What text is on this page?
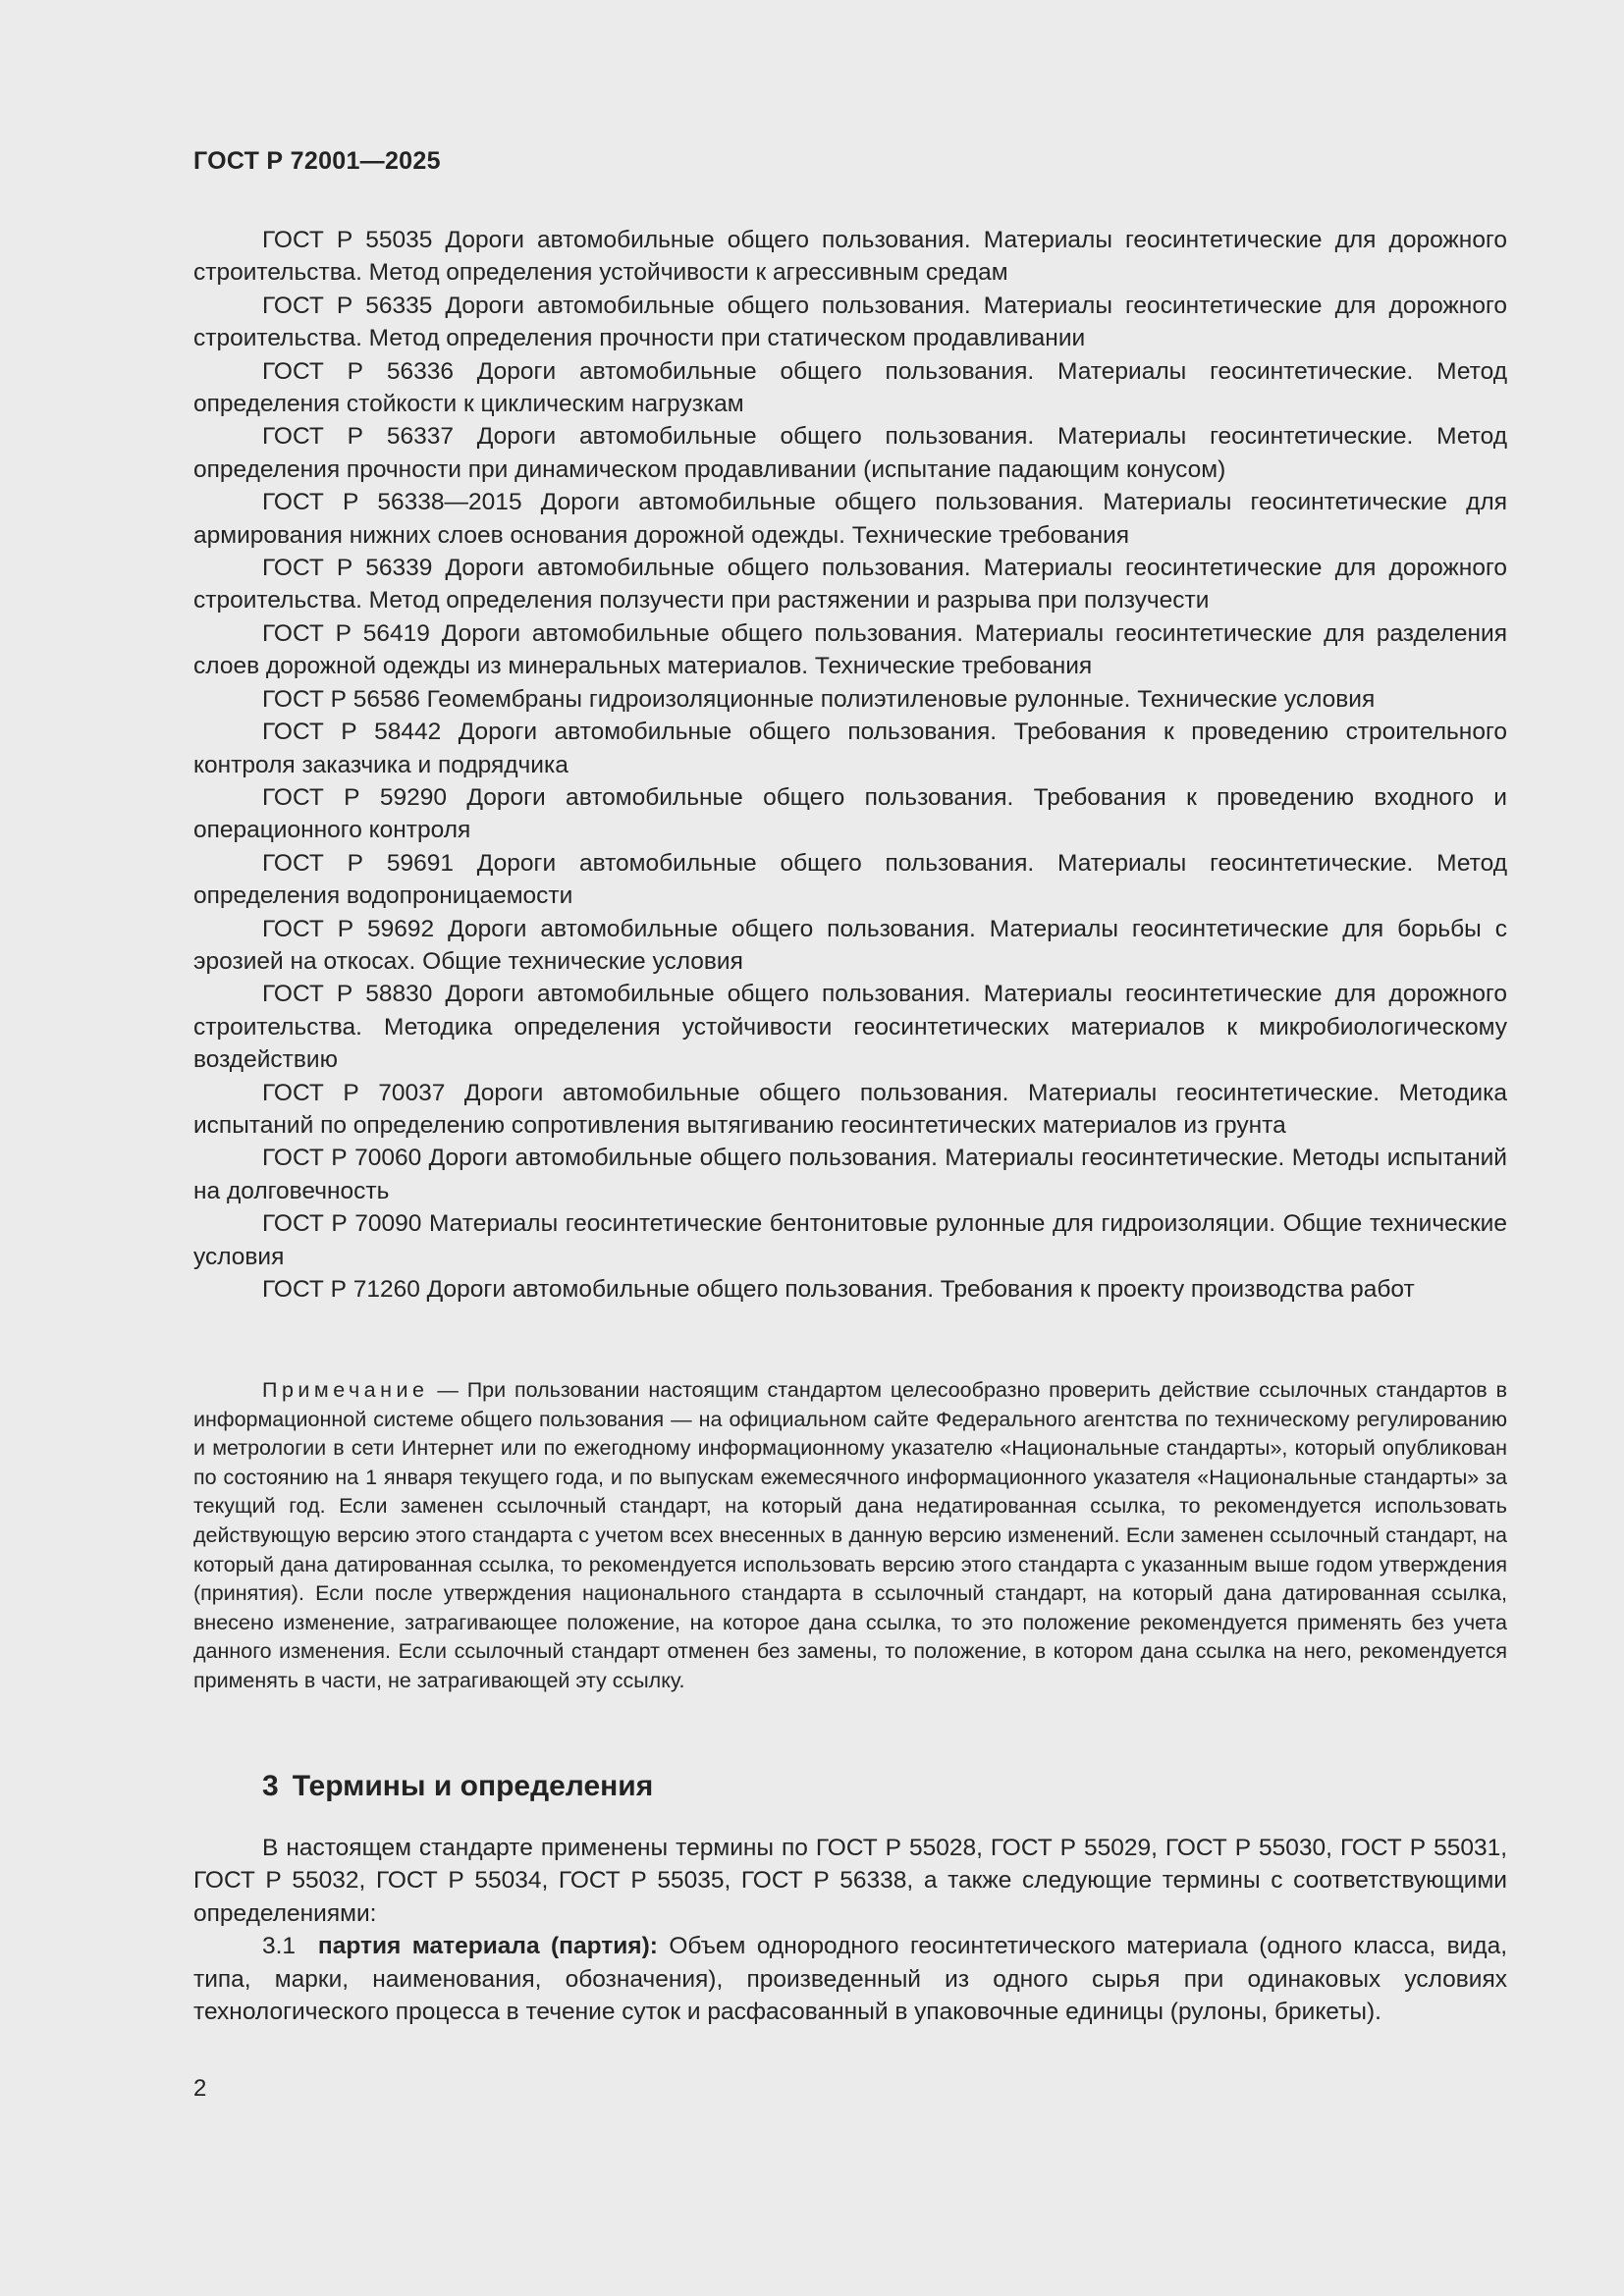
ГОСТ Р 72001—2025

ГОСТ Р 55035 Дороги автомобильные общего пользования. Материалы геосинтетические для дорожного строительства. Метод определения устойчивости к агрессивным средам

ГОСТ Р 56335 Дороги автомобильные общего пользования. Материалы геосинтетические для дорожного строительства. Метод определения прочности при статическом продавливании

ГОСТ Р 56336 Дороги автомобильные общего пользования. Материалы геосинтетические. Метод определения стойкости к циклическим нагрузкам

ГОСТ Р 56337 Дороги автомобильные общего пользования. Материалы геосинтетические. Метод определения прочности при динамическом продавливании (испытание падающим конусом)

ГОСТ Р 56338—2015 Дороги автомобильные общего пользования. Материалы геосинтетические для армирования нижних слоев основания дорожной одежды. Технические требования

ГОСТ Р 56339 Дороги автомобильные общего пользования. Материалы геосинтетические для дорожного строительства. Метод определения ползучести при растяжении и разрыва при ползучести

ГОСТ Р 56419 Дороги автомобильные общего пользования. Материалы геосинтетические для разделения слоев дорожной одежды из минеральных материалов. Технические требования

ГОСТ Р 56586 Геомембраны гидроизоляционные полиэтиленовые рулонные. Технические условия

ГОСТ Р 58442 Дороги автомобильные общего пользования. Требования к проведению строительного контроля заказчика и подрядчика

ГОСТ Р 59290 Дороги автомобильные общего пользования. Требования к проведению входного и операционного контроля

ГОСТ Р 59691 Дороги автомобильные общего пользования. Материалы геосинтетические. Метод определения водопроницаемости

ГОСТ Р 59692 Дороги автомобильные общего пользования. Материалы геосинтетические для борьбы с эрозией на откосах. Общие технические условия

ГОСТ Р 58830 Дороги автомобильные общего пользования. Материалы геосинтетические для дорожного строительства. Методика определения устойчивости геосинтетических материалов к микробиологическому воздействию

ГОСТ Р 70037 Дороги автомобильные общего пользования. Материалы геосинтетические. Методика испытаний по определению сопротивления вытягиванию геосинтетических материалов из грунта

ГОСТ Р 70060 Дороги автомобильные общего пользования. Материалы геосинтетические. Методы испытаний на долговечность

ГОСТ Р 70090 Материалы геосинтетические бентонитовые рулонные для гидроизоляции. Общие технические условия

ГОСТ Р 71260 Дороги автомобильные общего пользования. Требования к проекту производства работ

Примечание — При пользовании настоящим стандартом целесообразно проверить действие ссылочных стандартов в информационной системе общего пользования — на официальном сайте Федерального агентства по техническому регулированию и метрологии в сети Интернет или по ежегодному информационному указателю «Национальные стандарты», который опубликован по состоянию на 1 января текущего года, и по выпускам ежемесячного информационного указателя «Национальные стандарты» за текущий год. Если заменен ссылочный стандарт, на который дана недатированная ссылка, то рекомендуется использовать действующую версию этого стандарта с учетом всех внесенных в данную версию изменений. Если заменен ссылочный стандарт, на который дана датированная ссылка, то рекомендуется использовать версию этого стандарта с указанным выше годом утверждения (принятия). Если после утверждения национального стандарта в ссылочный стандарт, на который дана датированная ссылка, внесено изменение, затрагивающее положение, на которое дана ссылка, то это положение рекомендуется применять без учета данного изменения. Если ссылочный стандарт отменен без замены, то положение, в котором дана ссылка на него, рекомендуется применять в части, не затрагивающей эту ссылку.

3 Термины и определения

В настоящем стандарте применены термины по ГОСТ Р 55028, ГОСТ Р 55029, ГОСТ Р 55030, ГОСТ Р 55031, ГОСТ Р 55032, ГОСТ Р 55034, ГОСТ Р 55035, ГОСТ Р 56338, а также следующие термины с соответствующими определениями:

3.1 партия материала (партия): Объем однородного геосинтетического материала (одного класса, вида, типа, марки, наименования, обозначения), произведенный из одного сырья при одинаковых условиях технологического процесса в течение суток и расфасованный в упаковочные единицы (рулоны, брикеты).

2
